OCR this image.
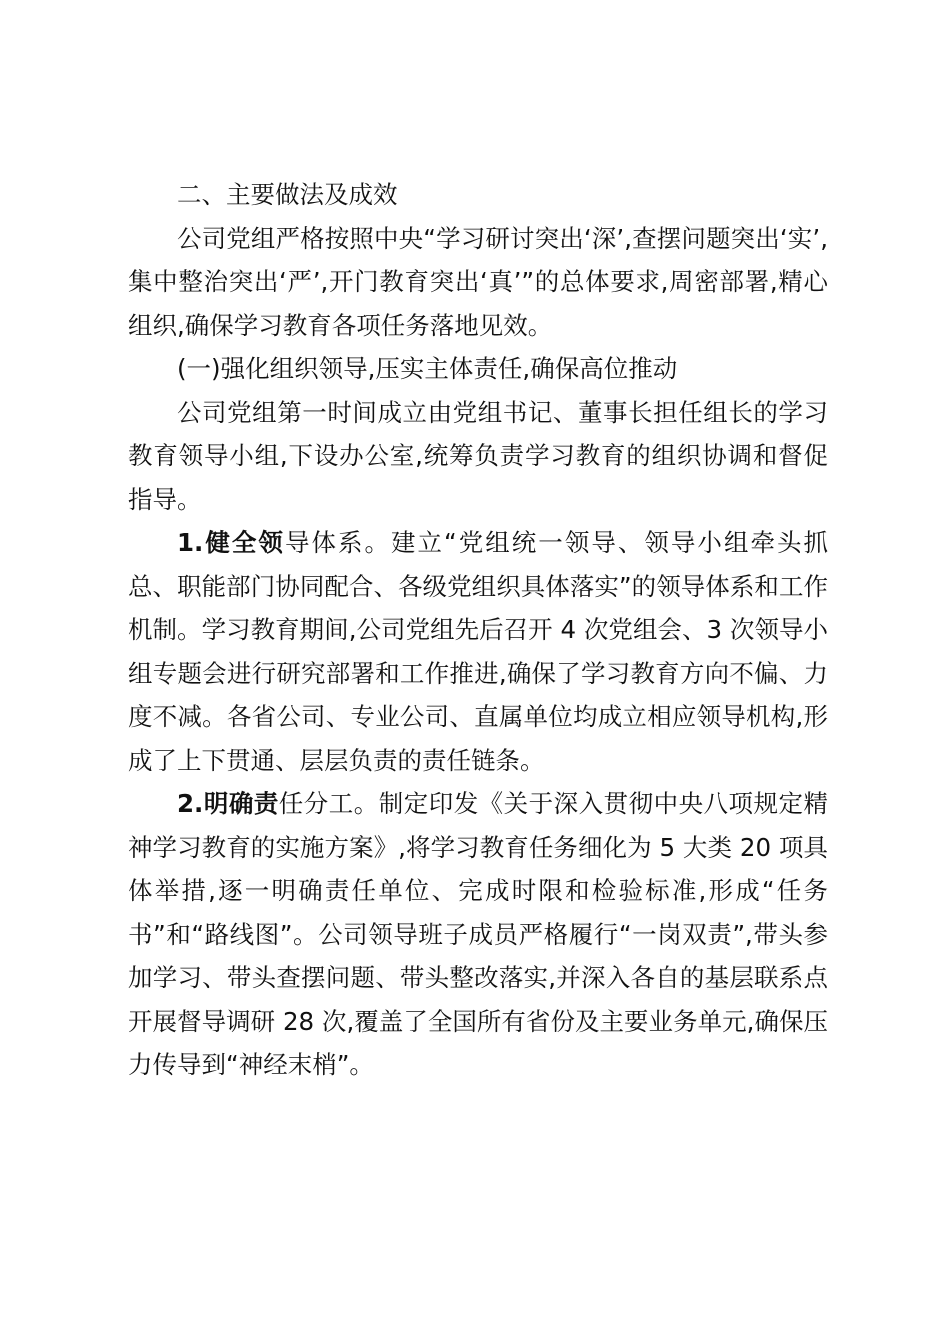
二、主要做法及成效

公司党组严格按照中央“学习研讨突出‘深’,查摆问题突出‘实’,集中整治突出‘严’,开门教育突出‘真’”的总体要求,周密部署,精心组织,确保学习教育各项任务落地见效。

(一)强化组织领导,压实主体责任,确保高位推动

公司党组第一时间成立由党组书记、董事长担任组长的学习教育领导小组,下设办公室,统筹负责学习教育的组织协调和督促指导。

1.健全领导体系。建立“党组统一领导、领导小组牵头抓总、职能部门协同配合、各级党组织具体落实”的领导体系和工作机制。学习教育期间,公司党组先后召开 4 次党组会、3 次领导小组专题会进行研究部署和工作推进,确保了学习教育方向不偏、力度不减。各省公司、专业公司、直属单位均成立相应领导机构,形成了上下贯通、层层负责的责任链条。

2.明确责任分工。制定印发《关于深入贯彻中央八项规定精神学习教育的实施方案》,将学习教育任务细化为 5 大类 20 项具体举措,逐一明确责任单位、完成时限和检验标准,形成“任务书”和“路线图”。公司领导班子成员严格履行“一岗双责”,带头参加学习、带头查摆问题、带头整改落实,并深入各自的基层联系点开展督导调研 28 次,覆盖了全国所有省份及主要业务单元,确保压力传导到“神经末梢”。
